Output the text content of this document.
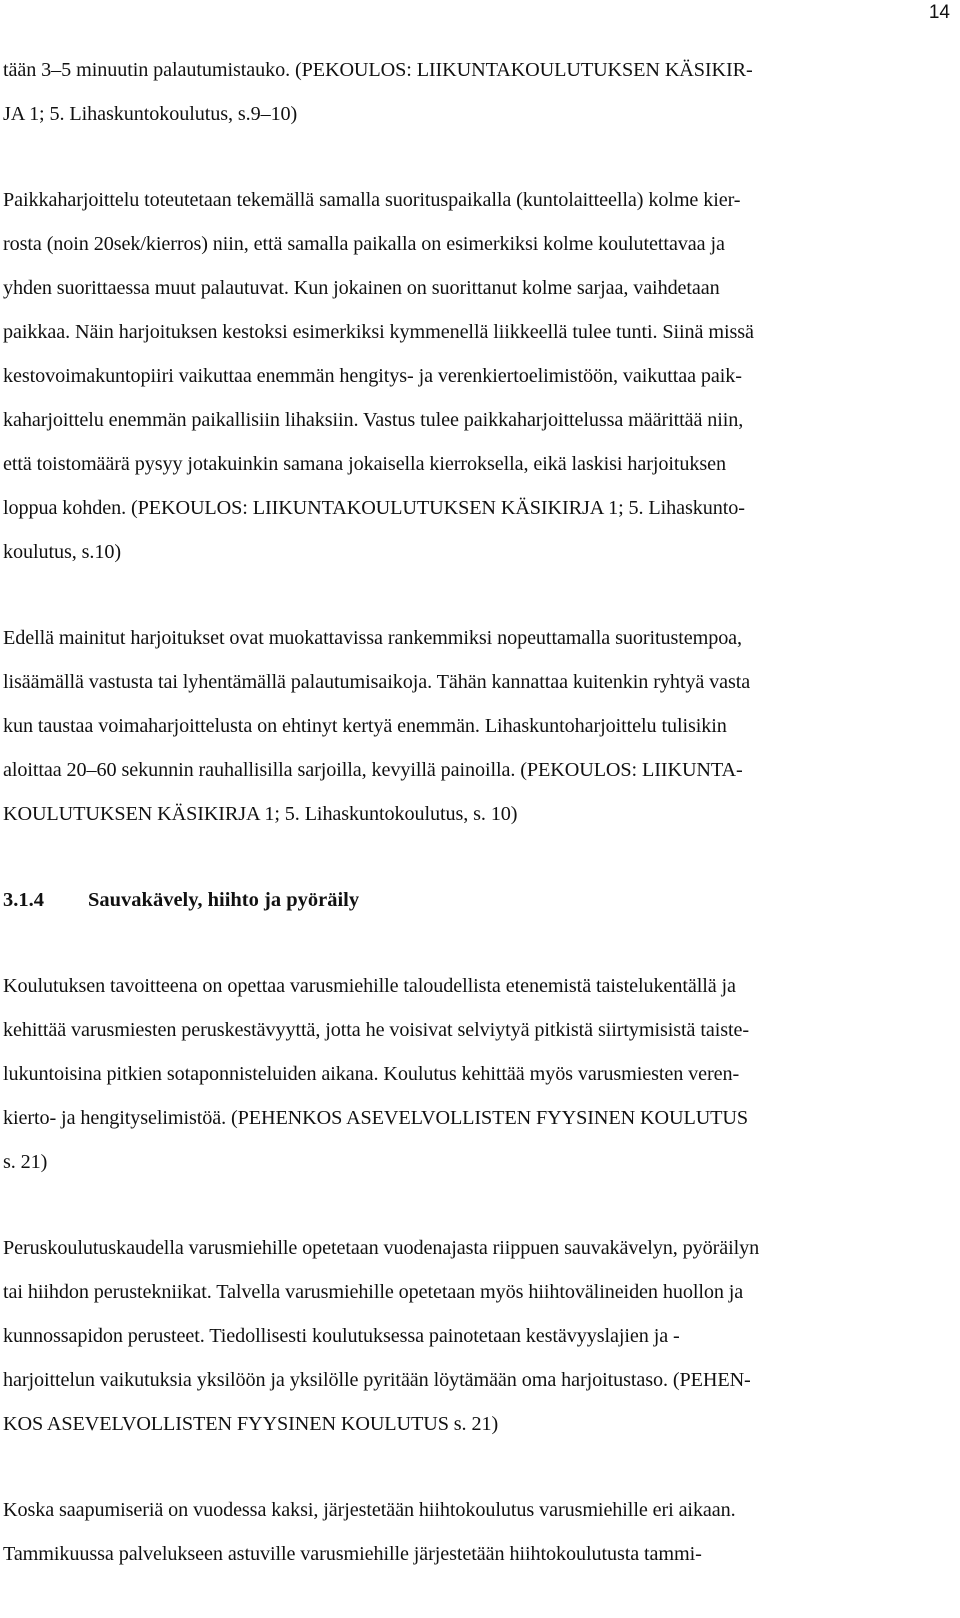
14
tään 3–5 minuutin palautumistauko. (PEKOULOS: LIIKUNTAKOULUTUKSEN KÄSIKIR-
JA 1; 5. Lihaskuntokoulutus, s.9–10)
Paikkaharjoittelu toteutetaan tekemällä samalla suorituspaikalla (kuntolaitteella) kolme kier-
rosta (noin 20sek/kierros) niin, että samalla paikalla on esimerkiksi kolme koulutettavaa ja
yhden suorittaessa muut palautuvat. Kun jokainen on suorittanut kolme sarjaa, vaihdetaan
paikkaa. Näin harjoituksen kestoksi esimerkiksi kymmenellä liikkeellä tulee tunti. Siinä missä
kestovoimakuntopiiri vaikuttaa enemmän hengitys- ja verenkiertoelimistöön, vaikuttaa paik-
kaharjoittelu enemmän paikallisiin lihaksiin. Vastus tulee paikkaharjoittelussa määrittää niin,
että toistomäärä pysyy jotakuinkin samana jokaisella kierroksella, eikä laskisi harjoituksen
loppua kohden. (PEKOULOS: LIIKUNTAKOULUTUKSEN KÄSIKIRJA 1; 5. Lihaskunto-
koulutus, s.10)
Edellä mainitut harjoitukset ovat muokattavissa rankemmiksi nopeuttamalla suoritustempoa,
lisäämällä vastusta tai lyhentämällä palautumisaikoja. Tähän kannattaa kuitenkin ryhtyä vasta
kun taustaa voimaharjoittelusta on ehtinyt kertyä enemmän. Lihaskuntoharjoittelu tulisikin
aloittaa 20–60 sekunnin rauhallisilla sarjoilla, kevyillä painoilla. (PEKOULOS: LIIKUNTA-
KOULUTUKSEN KÄSIKIRJA 1; 5. Lihaskuntokoulutus, s. 10)
3.1.4	Sauvakävely, hiihto ja pyöräily
Koulutuksen tavoitteena on opettaa varusmiehille taloudellista etenemistä taistelukentällä ja
kehittää varusmiesten peruskestävyyttä, jotta he voisivat selviytyä pitkistä siirtymisistä taiste-
lukuntoisina pitkien sotaponnisteluiden aikana. Koulutus kehittää myös varusmiesten veren-
kierto- ja hengityselimistöä. (PEHENKOS ASEVELVOLLISTEN FYYSINEN KOULUTUS
s. 21)
Peruskoulutuskaudella varusmiehille opetetaan vuodenajasta riippuen sauvakävelyn, pyöräilyn
tai hiihdon perustekniikat. Talvella varusmiehille opetetaan myös hiihtovälineiden huollon ja
kunnossapidon perusteet. Tiedollisesti koulutuksessa painotetaan kestävyyslajien ja -
harjoittelun vaikutuksia yksilöön ja yksilölle pyritään löytämään oma harjoitustaso. (PEHEN-
KOS ASEVELVOLLISTEN FYYSINEN KOULUTUS s. 21)
Koska saapumiseriä on vuodessa kaksi, järjestetään hiihtokoulutus varusmiehille eri aikaan.
Tammikuussa palvelukseen astuville varusmiehille järjestetään hiihtokoulutusta tammi-
